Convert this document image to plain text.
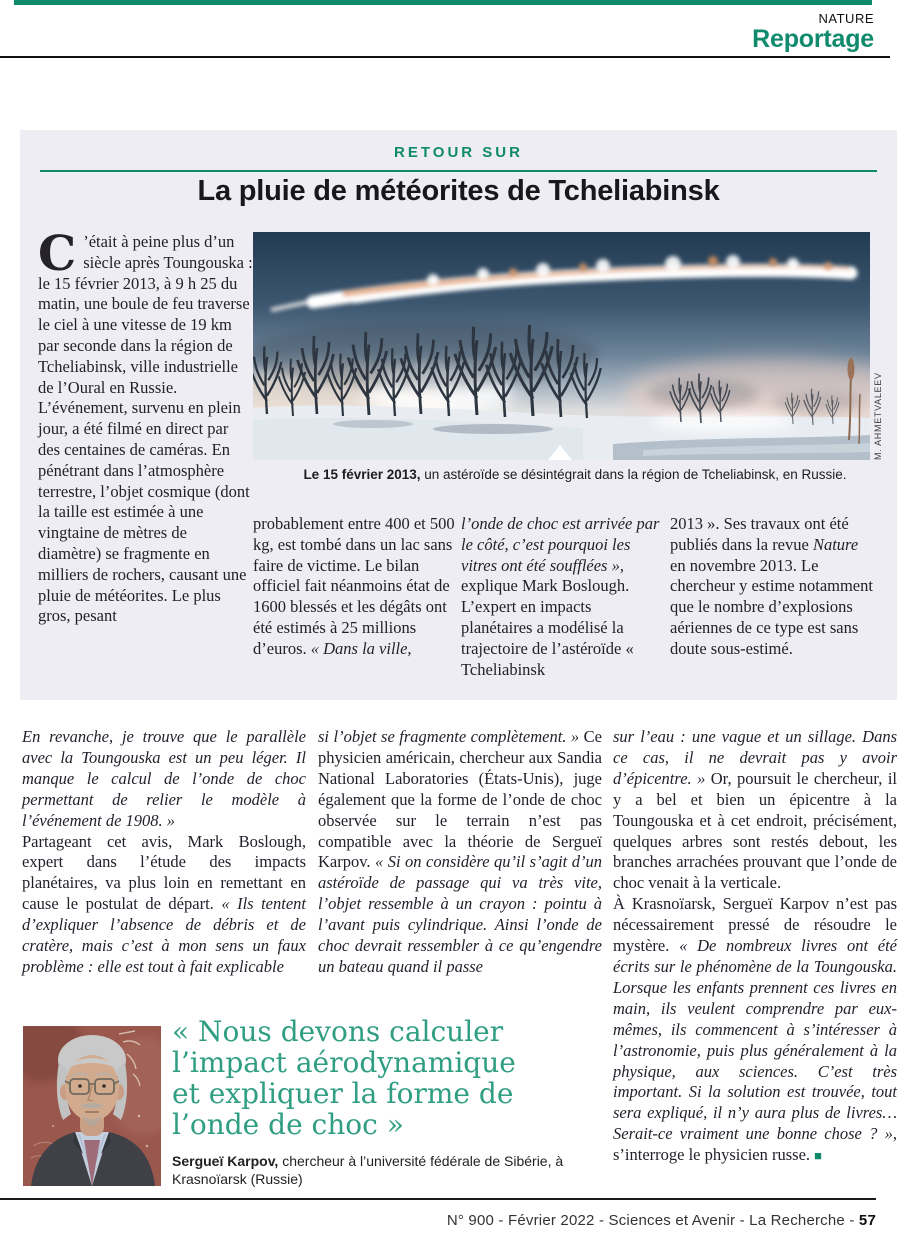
NATURE
Reportage
RETOUR SUR
La pluie de météorites de Tcheliabinsk

C ’était à peine plus d’un siècle après Toungouska : le 15 février 2013, à 9 h 25 du matin, une boule de feu traverse le ciel à une vitesse de 19 km par seconde dans la région de Tcheliabinsk, ville industrielle de l’Oural en Russie. L’événement, survenu en plein jour, a été filmé en direct par des centaines de caméras. En pénétrant dans l’atmosphère terrestre, l’objet cosmique (dont la taille est estimée à une vingtaine de mètres de diamètre) se fragmente en milliers de rochers, causant une pluie de météorites. Le plus gros, pesant

M. AHMETVALEEV
Le 15 février 2013, un astéroïde se désintégrait dans la région de Tcheliabinsk, en Russie.

probablement entre 400 et 500 kg, est tombé dans un lac sans faire de victime. Le bilan officiel fait néanmoins état de 1600 blessés et les dégâts ont été estimés à 25 millions d’euros. « Dans la ville,

l’onde de choc est arrivée par le côté, c’est pourquoi les vitres ont été soufflées », explique Mark Boslough. L’expert en impacts planétaires a modélisé la trajectoire de l’astéroïde « Tcheliabinsk

2013 ». Ses travaux ont été publiés dans la revue Nature en novembre 2013. Le chercheur y estime notamment que le nombre d’explosions aériennes de ce type est sans doute sous-estimé.

En revanche, je trouve que le parallèle avec la Toungouska est un peu léger. Il manque le calcul de l’onde de choc permettant de relier le modèle à l’événement de 1908. »

Partageant cet avis, Mark Boslough, expert dans l’étude des impacts planétaires, va plus loin en remettant en cause le postulat de départ. « Ils tentent d’expliquer l’absence de débris et de cratère, mais c’est à mon sens un faux problème : elle est tout à fait explicable

si l’objet se fragmente complètement. » Ce physicien américain, chercheur aux Sandia National Laboratories (États-Unis), juge également que la forme de l’onde de choc observée sur le terrain n’est pas compatible avec la théorie de Sergueï Karpov. « Si on considère qu’il s’agit d’un astéroïde de passage qui va très vite, l’objet ressemble à un crayon : pointu à l’avant puis cylindrique. Ainsi l’onde de choc devrait ressembler à ce qu’engendre un bateau quand il passe

sur l’eau : une vague et un sillage. Dans ce cas, il ne devrait pas y avoir d’épicentre. » Or, poursuit le chercheur, il y a bel et bien un épicentre à la Toungouska et à cet endroit, précisément, quelques arbres sont restés debout, les branches arrachées prouvant que l’onde de choc venait à la verticale.

À Krasnoïarsk, Sergueï Karpov n’est pas nécessairement pressé de résoudre le mystère. « De nombreux livres ont été écrits sur le phénomène de la Toungouska. Lorsque les enfants prennent ces livres en main, ils veulent comprendre par eux-mêmes, ils commencent à s’intéresser à l’astronomie, puis plus généralement à la physique, aux sciences. C’est très important. Si la solution est trouvée, tout sera expliqué, il n’y aura plus de livres… Serait-ce vraiment une bonne chose ? », s’interroge le physicien russe. ■

« Nous devons calculer
l’impact aérodynamique
et expliquer la forme de
l’onde de choc »
Sergueï Karpov, chercheur à l’université fédérale de Sibérie, à Krasnoïarsk (Russie)
N° 900 - Février 2022 - Sciences et Avenir - La Recherche - 57
